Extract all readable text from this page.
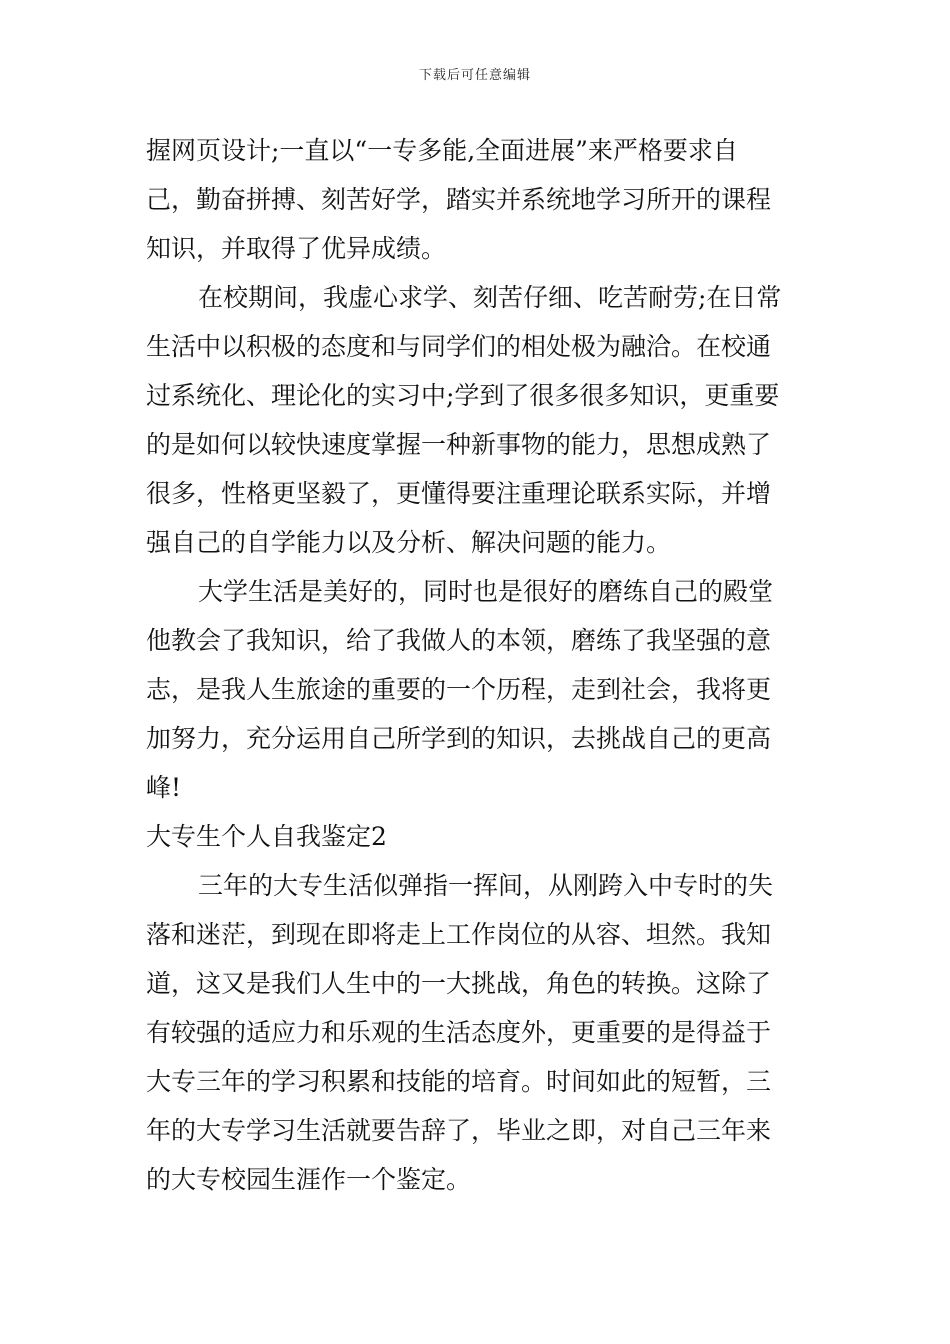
下载后可任意编辑
握网页设计;一直以“一专多能,全面进展”来严格要求自
己，勤奋拼搏、刻苦好学，踏实并系统地学习所开的课程
知识，并取得了优异成绩。
在校期间，我虚心求学、刻苦仔细、吃苦耐劳;在日常
生活中以积极的态度和与同学们的相处极为融洽。在校通
过系统化、理论化的实习中;学到了很多很多知识，更重要
的是如何以较快速度掌握一种新事物的能力，思想成熟了
很多，性格更坚毅了，更懂得要注重理论联系实际，并增
强自己的自学能力以及分析、解决问题的能力。
大学生活是美好的，同时也是很好的磨练自己的殿堂
他教会了我知识，给了我做人的本领，磨练了我坚强的意
志，是我人生旅途的重要的一个历程，走到社会，我将更
加努力，充分运用自己所学到的知识，去挑战自己的更高
峰!
大专生个人自我鉴定2
三年的大专生活似弹指一挥间，从刚跨入中专时的失
落和迷茫，到现在即将走上工作岗位的从容、坦然。我知
道，这又是我们人生中的一大挑战，角色的转换。这除了
有较强的适应力和乐观的生活态度外，更重要的是得益于
大专三年的学习积累和技能的培育。时间如此的短暂，三
年的大专学习生活就要告辞了，毕业之即，对自己三年来
的大专校园生涯作一个鉴定。
